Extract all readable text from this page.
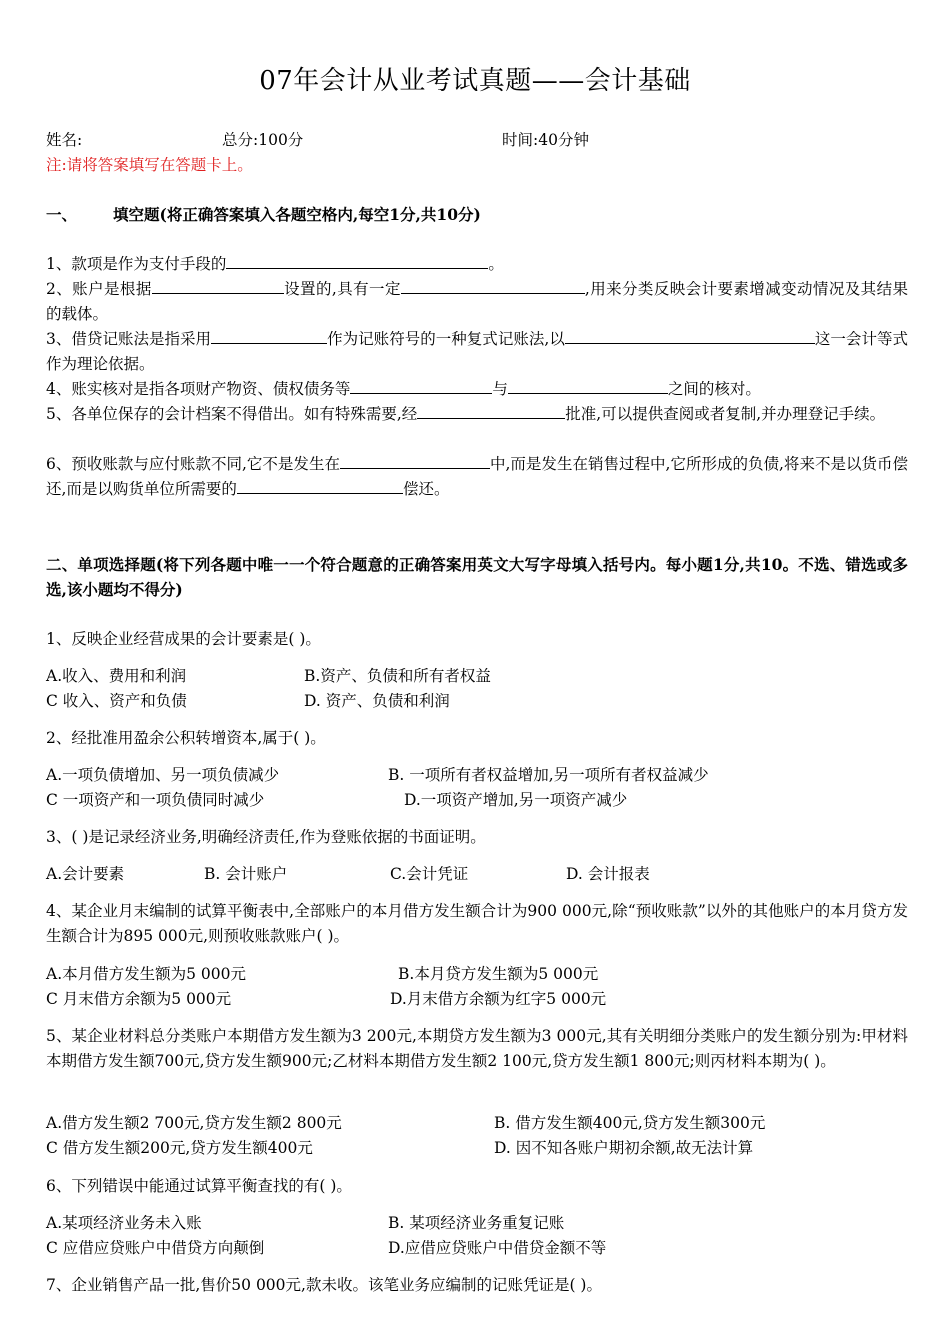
07年会计从业考试真题——会计基础
姓名:	总分:100分	时间:40分钟
注:请将答案填写在答题卡上。
一、 填空题(将正确答案填入各题空格内,每空1分,共10分)
1、款项是作为支付手段的	。
2、账户是根据	设置的,具有一定	,用来分类反映会计要素增减变动情况及其结果的载体。
3、借贷记账法是指采用	作为记账符号的一种复式记账法,以	这一会计等式作为理论依据。
4、账实核对是指各项财产物资、债权债务等	与	之间的核对。
5、各单位保存的会计档案不得借出。如有特殊需要,经	批准,可以提供查阅或者复制,并办理登记手续。
6、预收账款与应付账款不同,它不是发生在	中,而是发生在销售过程中,它所形成的负债,将来不是以货币偿还,而是以购货单位所需要的	偿还。
二、单项选择题(将下列各题中唯一一个符合题意的正确答案用英文大写字母填入括号内。每小题1分,共10。不选、错选或多选,该小题均不得分)
1、反映企业经营成果的会计要素是( )。
A.收入、费用和利润	B.资产、负债和所有者权益
C 收入、资产和负债	D. 资产、负债和利润
2、经批准用盈余公积转增资本,属于( )。
A.一项负债增加、另一项负债减少	B. 一项所有者权益增加,另一项所有者权益减少
C 一项资产和一项负债同时减少	D.一项资产增加,另一项资产减少
3、( )是记录经济业务,明确经济责任,作为登账依据的书面证明。
A.会计要素	B. 会计账户	C.会计凭证	D. 会计报表
4、某企业月末编制的试算平衡表中,全部账户的本月借方发生额合计为900 000元,除“预收账款”以外的其他账户的本月贷方发生额合计为895 000元,则预收账款账户( )。
A.本月借方发生额为5 000元	B.本月贷方发生额为5 000元
C 月末借方余额为5 000元	D.月末借方余额为红字5 000元
5、某企业材料总分类账户本期借方发生额为3 200元,本期贷方发生额为3 000元,其有关明细分类账户的发生额分别为:甲材料本期借方发生额700元,贷方发生额900元;乙材料本期借方发生额2 100元,贷方发生额1 800元;则丙材料本期为( )。
A.借方发生额2 700元,贷方发生额2 800元	B. 借方发生额400元,贷方发生额300元
C 借方发生额200元,贷方发生额400元	D. 因不知各账户期初余额,故无法计算
6、下列错误中能通过试算平衡查找的有( )。
A.某项经济业务未入账	B. 某项经济业务重复记账
C 应借应贷账户中借贷方向颠倒	D.应借应贷账户中借贷金额不等
7、企业销售产品一批,售价50 000元,款未收。该笔业务应编制的记账凭证是( )。
